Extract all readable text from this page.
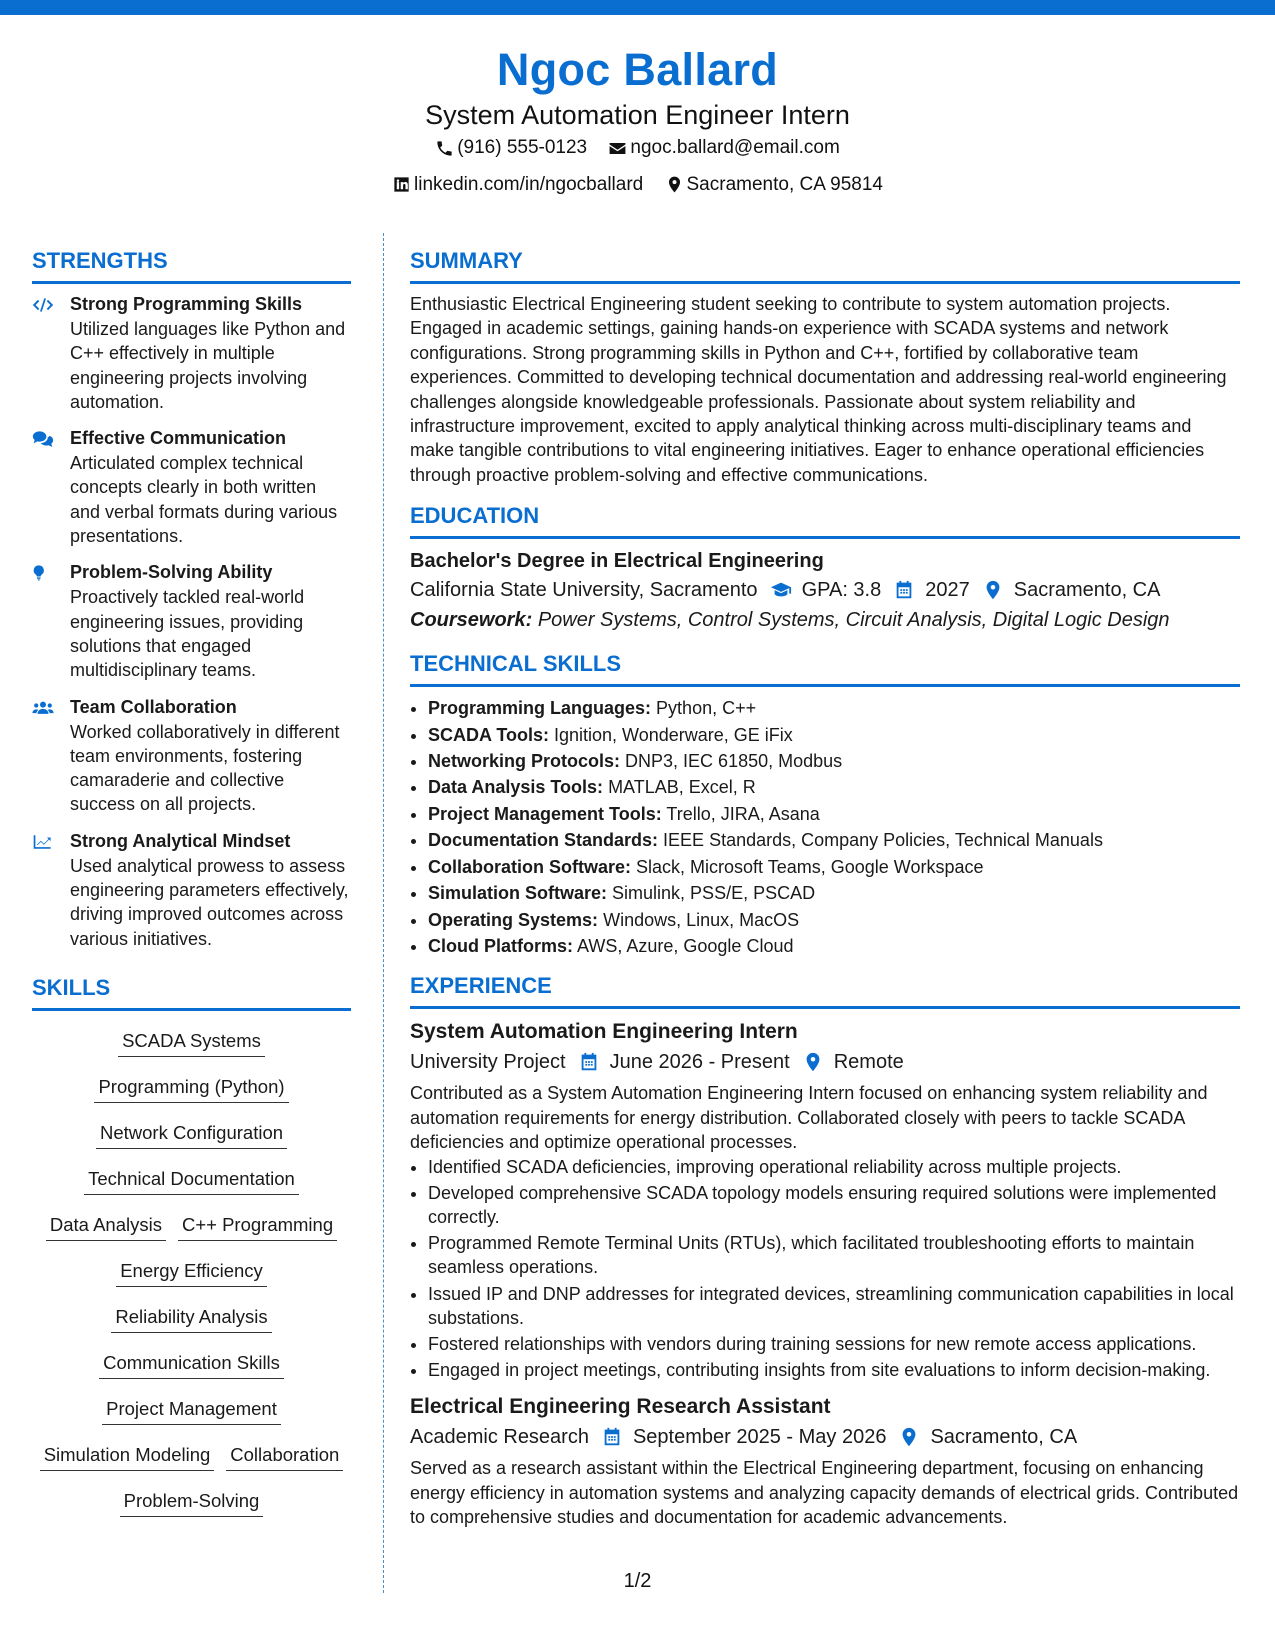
Ngoc Ballard
System Automation Engineer Intern
(916) 555-0123
ngoc.ballard@email.com
linkedin.com/in/ngocballard
Sacramento, CA 95814
STRENGTHS
Strong Programming Skills
Utilized languages like Python and C++ effectively in multiple engineering projects involving automation.
Effective Communication
Articulated complex technical concepts clearly in both written and verbal formats during various presentations.
Problem-Solving Ability
Proactively tackled real-world engineering issues, providing solutions that engaged multidisciplinary teams.
Team Collaboration
Worked collaboratively in different team environments, fostering camaraderie and collective success on all projects.
Strong Analytical Mindset
Used analytical prowess to assess engineering parameters effectively, driving improved outcomes across various initiatives.
SKILLS
SCADA Systems
Programming (Python)
Network Configuration
Technical Documentation
Data Analysis C++ Programming
Energy Efficiency
Reliability Analysis
Communication Skills
Project Management
Simulation Modeling Collaboration
Problem-Solving
SUMMARY
Enthusiastic Electrical Engineering student seeking to contribute to system automation projects. Engaged in academic settings, gaining hands-on experience with SCADA systems and network configurations. Strong programming skills in Python and C++, fortified by collaborative team experiences. Committed to developing technical documentation and addressing real-world engineering challenges alongside knowledgeable professionals. Passionate about system reliability and infrastructure improvement, excited to apply analytical thinking across multi-disciplinary teams and make tangible contributions to vital engineering initiatives. Eager to enhance operational efficiencies through proactive problem-solving and effective communications.
EDUCATION
Bachelor's Degree in Electrical Engineering
California State University, Sacramento GPA: 3.8 2027 Sacramento, CA
Coursework: Power Systems, Control Systems, Circuit Analysis, Digital Logic Design
TECHNICAL SKILLS
• Programming Languages: Python, C++
• SCADA Tools: Ignition, Wonderware, GE iFix
• Networking Protocols: DNP3, IEC 61850, Modbus
• Data Analysis Tools: MATLAB, Excel, R
• Project Management Tools: Trello, JIRA, Asana
• Documentation Standards: IEEE Standards, Company Policies, Technical Manuals
• Collaboration Software: Slack, Microsoft Teams, Google Workspace
• Simulation Software: Simulink, PSS/E, PSCAD
• Operating Systems: Windows, Linux, MacOS
• Cloud Platforms: AWS, Azure, Google Cloud
EXPERIENCE
System Automation Engineering Intern
University Project June 2026 - Present Remote
Contributed as a System Automation Engineering Intern focused on enhancing system reliability and automation requirements for energy distribution. Collaborated closely with peers to tackle SCADA deficiencies and optimize operational processes.
• Identified SCADA deficiencies, improving operational reliability across multiple projects.
• Developed comprehensive SCADA topology models ensuring required solutions were implemented correctly.
• Programmed Remote Terminal Units (RTUs), which facilitated troubleshooting efforts to maintain seamless operations.
• Issued IP and DNP addresses for integrated devices, streamlining communication capabilities in local substations.
• Fostered relationships with vendors during training sessions for new remote access applications.
• Engaged in project meetings, contributing insights from site evaluations to inform decision-making.
Electrical Engineering Research Assistant
Academic Research September 2025 - May 2026 Sacramento, CA
Served as a research assistant within the Electrical Engineering department, focusing on enhancing energy efficiency in automation systems and analyzing capacity demands of electrical grids. Contributed to comprehensive studies and documentation for academic advancements.
1/2
